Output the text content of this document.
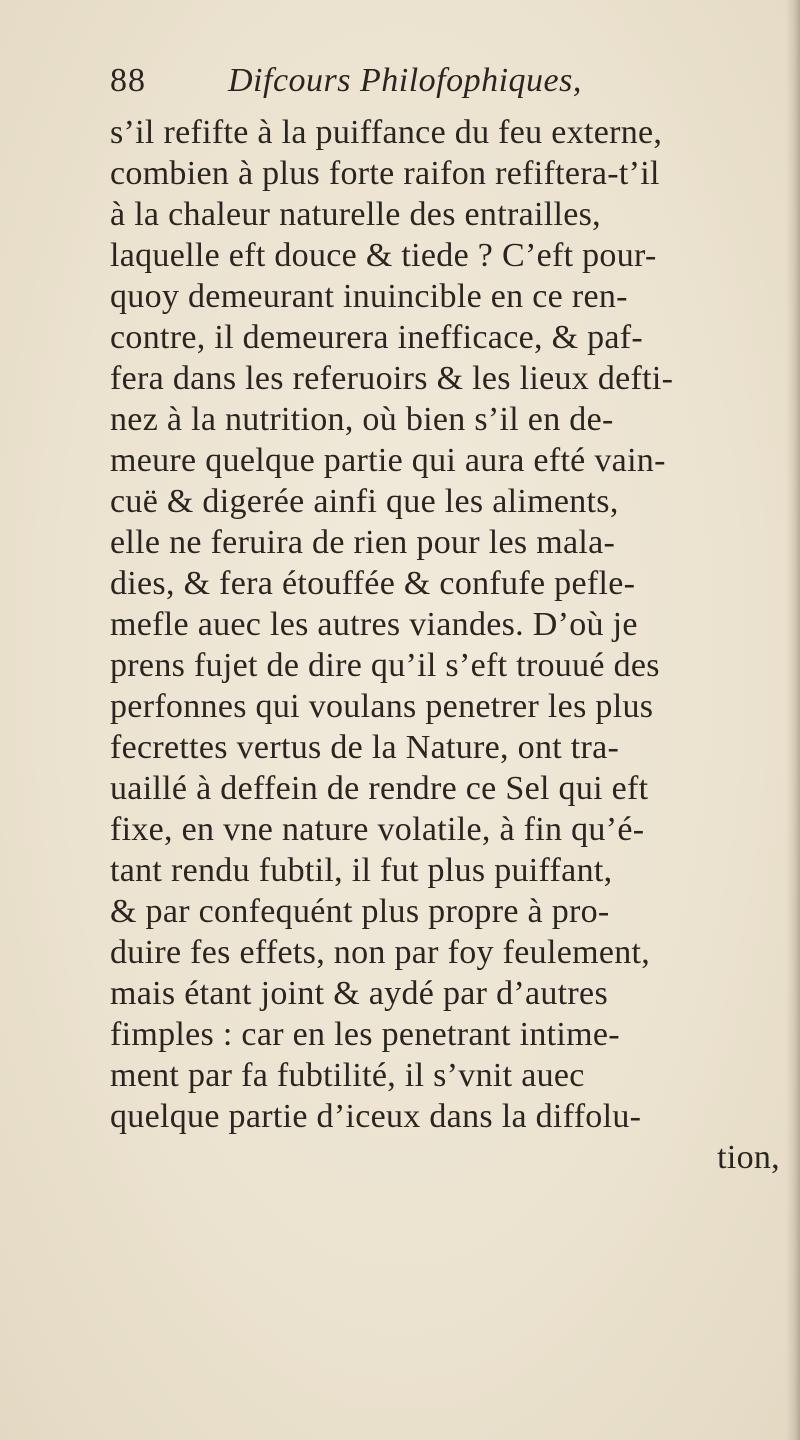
88 Difcours Philofophiques,
s’il refifte à la puiffance du feu externe,
combien à plus forte raifon refiftera-t’il
à la chaleur naturelle des entrailles,
laquelle eft douce & tiede ? C’eft pour-
quoy demeurant inuincible en ce ren-
contre, il demeurera inefficace, & paf-
fera dans les referuoirs & les lieux defti-
nez à la nutrition, où bien s’il en de-
meure quelque partie qui aura efté vain-
cuë & digerée ainfi que les aliments,
elle ne feruira de rien pour les mala-
dies, & fera étouffée & confufe pefle-
mefle auec les autres viandes. D’où je
prens fujet de dire qu’il s’eft trouué des
perfonnes qui voulans penetrer les plus
fecrettes vertus de la Nature, ont tra-
uaillé à deffein de rendre ce Sel qui eft
fixe, en vne nature volatile, à fin qu’é-
tant rendu fubtil, il fut plus puiffant,
& par confequént plus propre à pro-
duire fes effets, non par foy feulement,
mais étant joint & aydé par d’autres
fimples : car en les penetrant intime-
ment par fa fubtilité, il s’vnit auec
quelque partie d’iceux dans la diffolu-
tion,
